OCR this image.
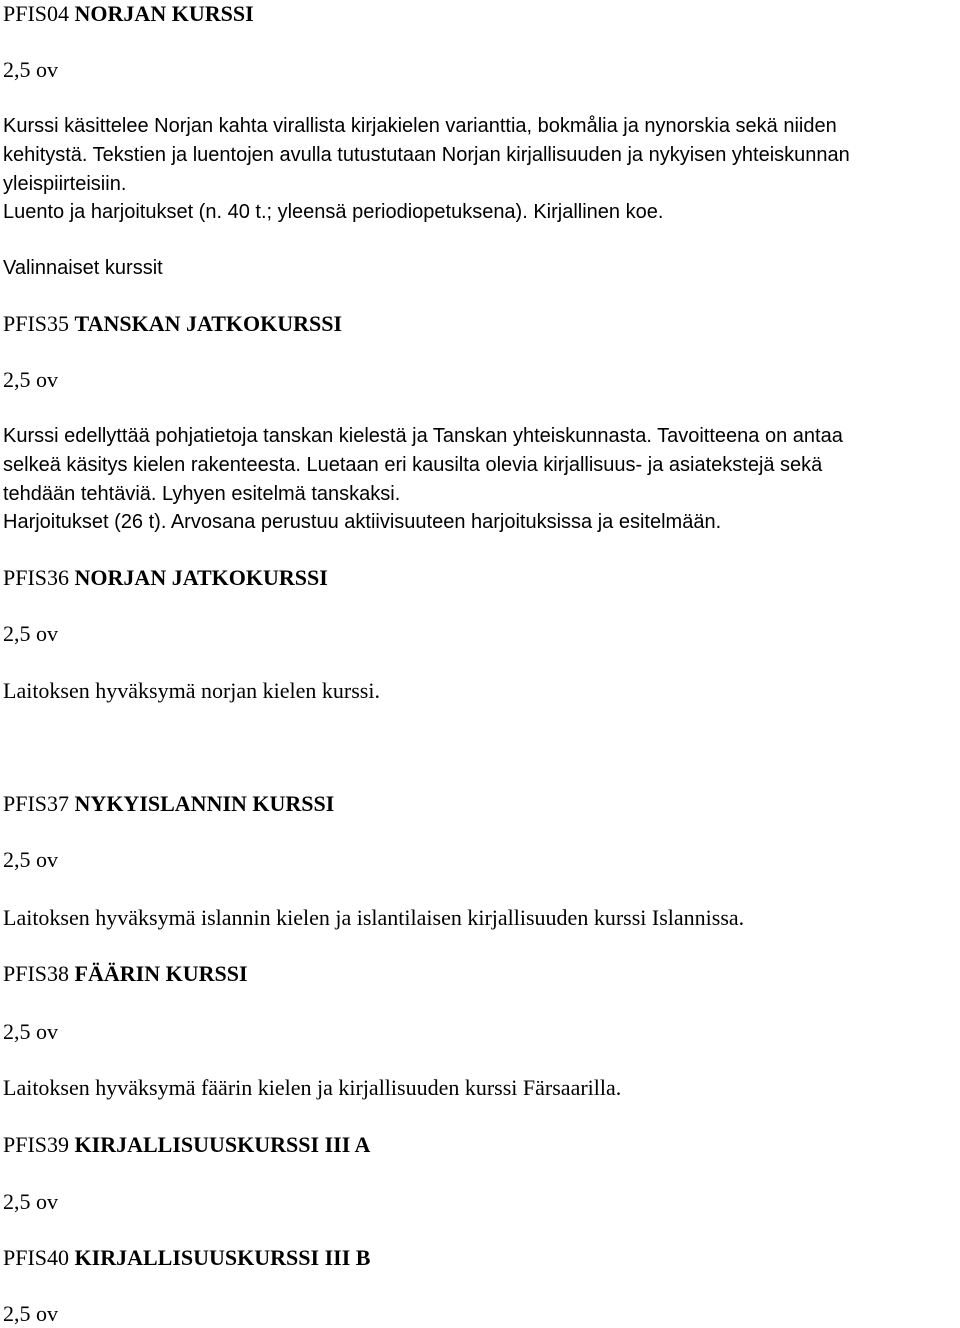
PFIS04 NORJAN KURSSI
2,5 ov
Kurssi käsittelee Norjan kahta virallista kirjakielen varianttia, bokmålia ja nynorskia sekä niiden
kehitystä. Tekstien ja luentojen avulla tutustutaan Norjan kirjallisuuden ja nykyisen yhteiskunnan
yleispiirteisiin.
Luento ja harjoitukset (n. 40 t.; yleensä periodiopetuksena). Kirjallinen koe.
Valinnaiset kurssit
PFIS35 TANSKAN JATKOKURSSI
2,5 ov
Kurssi edellyttää pohjatietoja tanskan kielestä ja Tanskan yhteiskunnasta. Tavoitteena on antaa
selkeä käsitys kielen rakenteesta. Luetaan eri kausilta olevia kirjallisuus- ja asiatekstejä sekä
tehdään tehtäviä. Lyhyen esitelmä tanskaksi.
Harjoitukset (26 t). Arvosana perustuu aktiivisuuteen harjoituksissa ja esitelmään.
PFIS36 NORJAN JATKOKURSSI
2,5 ov
Laitoksen hyväksymä norjan kielen kurssi.
PFIS37 NYKYISLANNIN KURSSI
2,5 ov
Laitoksen hyväksymä islannin kielen ja islantilaisen kirjallisuuden kurssi Islannissa.
PFIS38 FÄÄRIN KURSSI
2,5 ov
Laitoksen hyväksymä fäärin kielen ja kirjallisuuden kurssi Färsaarilla.
PFIS39 KIRJALLISUUSKURSSI III A
2,5 ov
PFIS40 KIRJALLISUUSKURSSI III B
2,5 ov
